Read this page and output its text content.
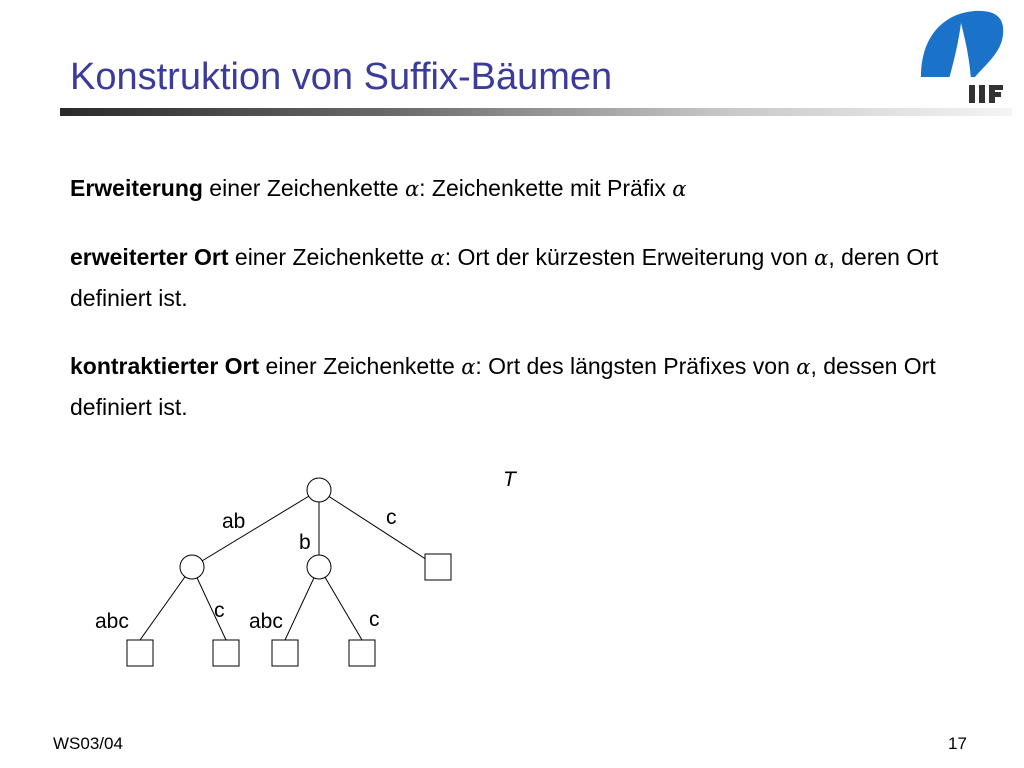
Konstruktion von Suffix-Bäumen

Erweiterung einer Zeichenkette α: Zeichenkette mit Präfix α

erweiterter Ort einer Zeichenkette α: Ort der kürzesten Erweiterung von α, deren Ort definiert ist.

kontraktierter Ort einer Zeichenkette α: Ort des längsten Präfixes von α, dessen Ort definiert ist.

T
ab	c
b
abc	c abc	c
WS03/04	17
